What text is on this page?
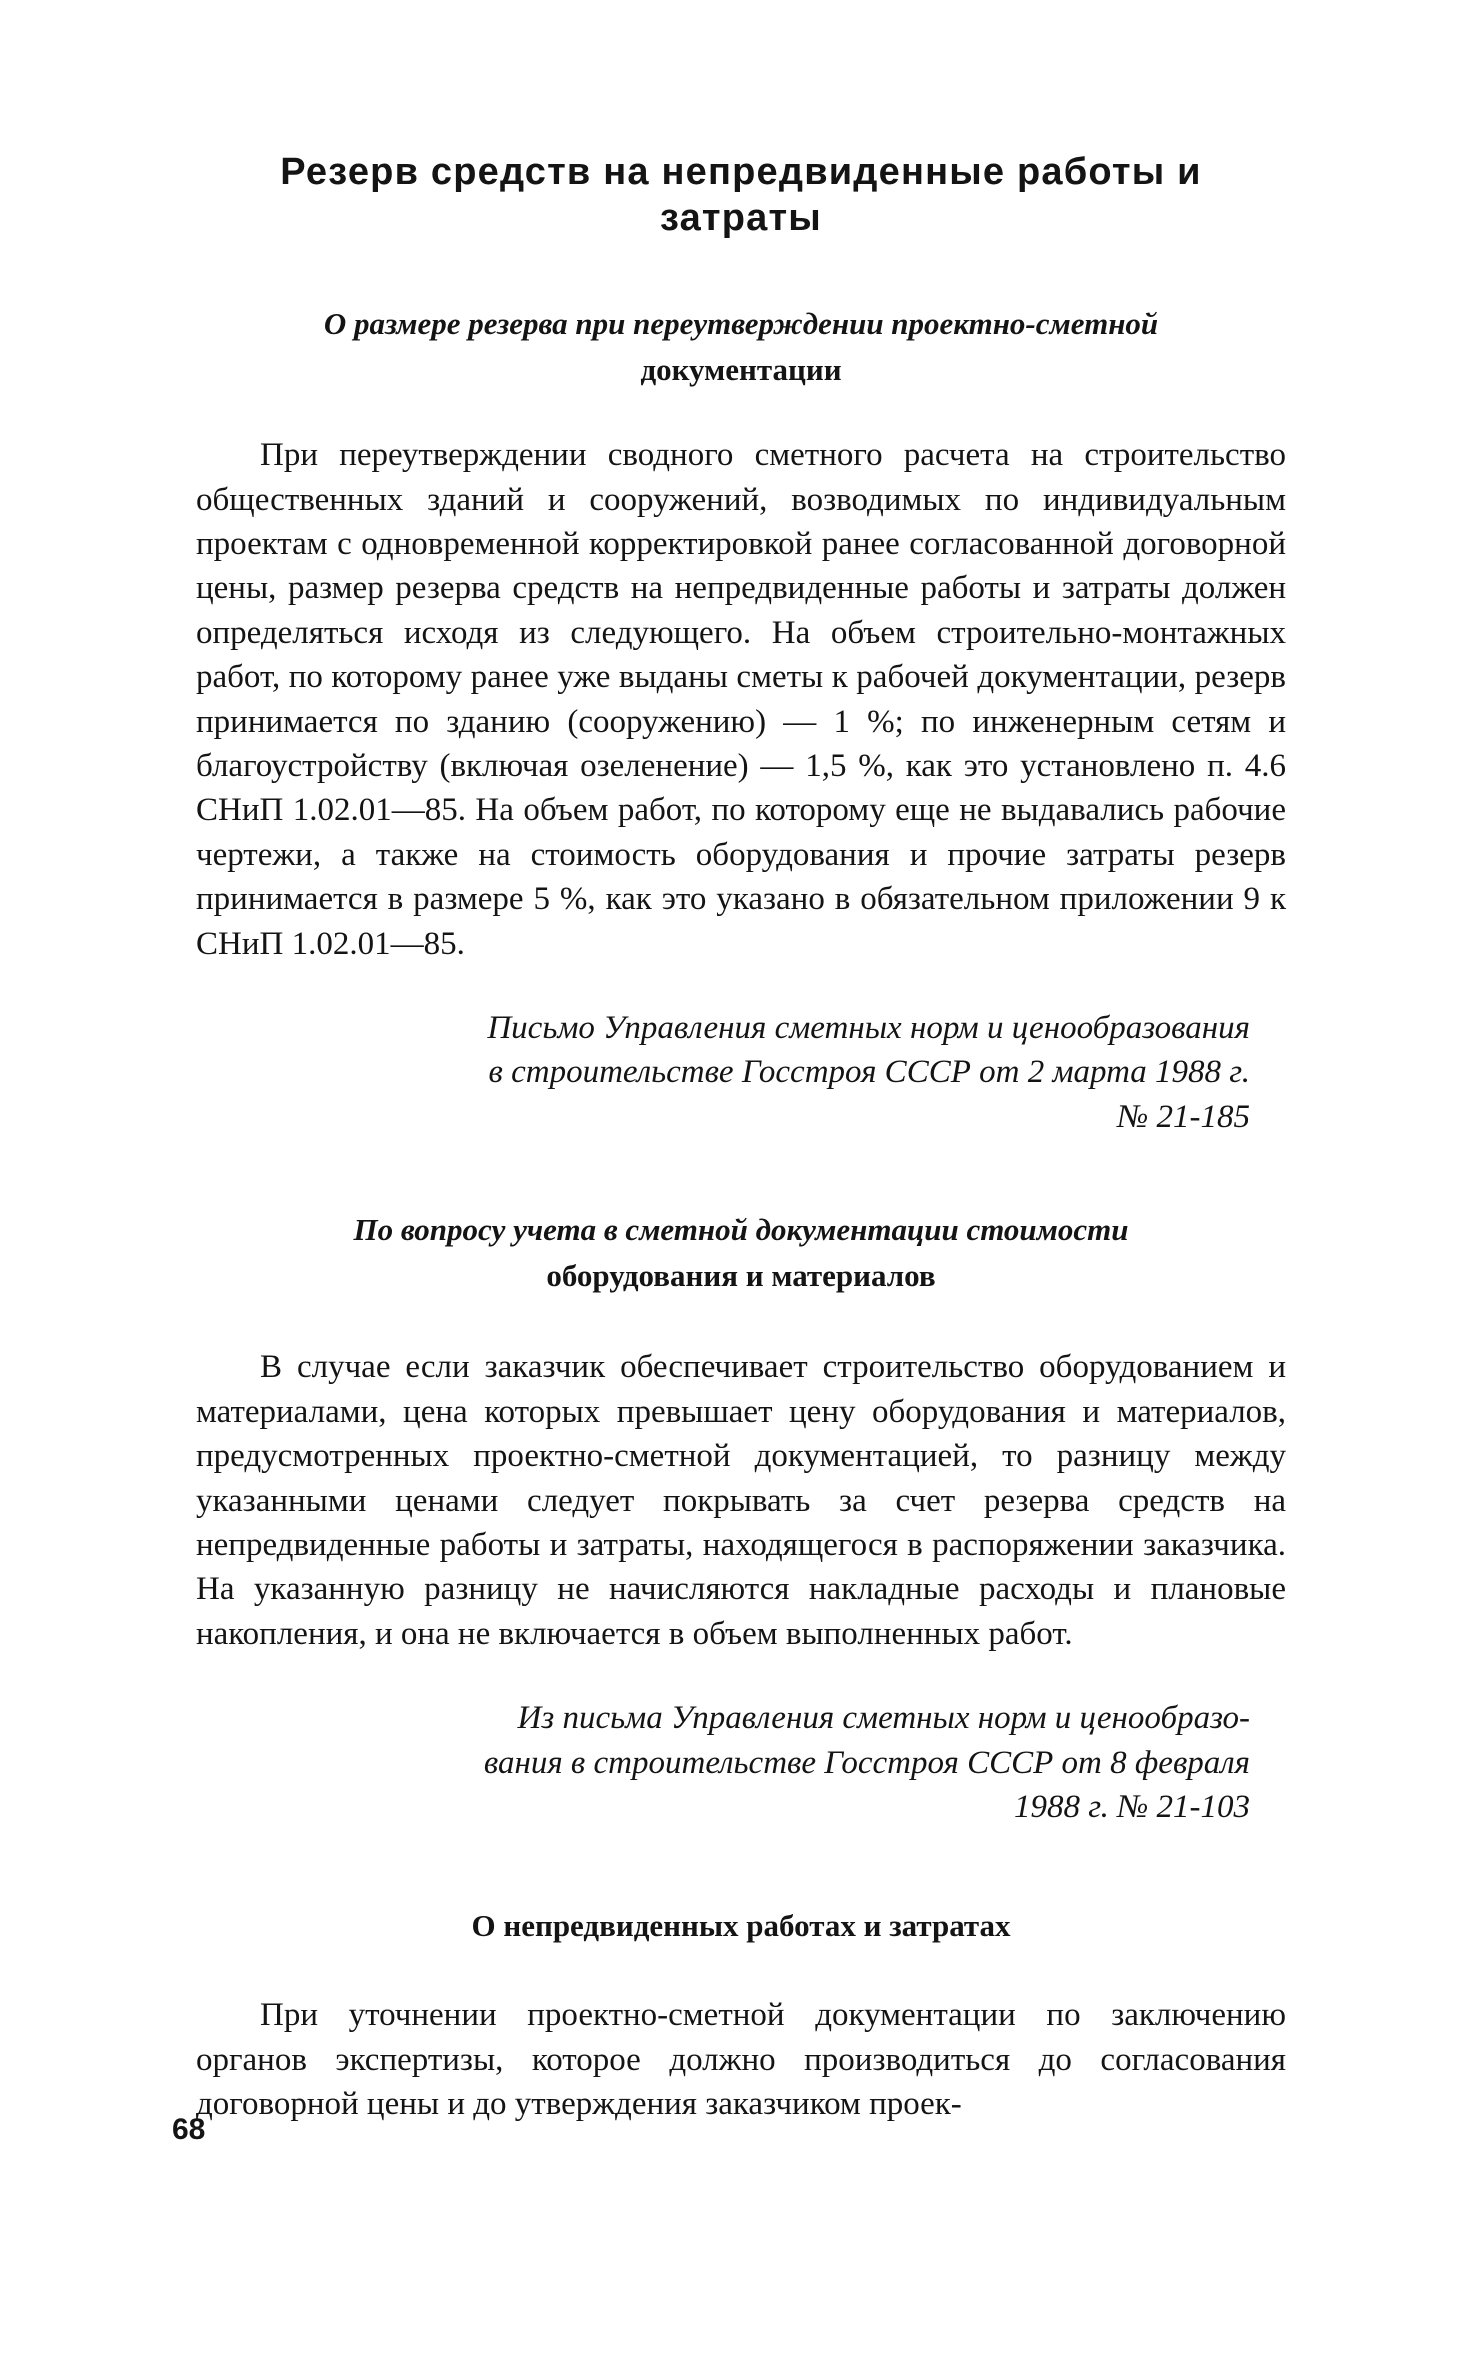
Резерв средств на непредвиденные работы и затраты
О размере резерва при переутверждении проектно-сметной
документации

При переутверждении сводного сметного расчета на строительство общественных зданий и сооружений, возводимых по индивидуальным проектам с одновременной корректировкой ранее согласованной договорной цены, размер резерва средств на непредвиденные работы и затраты должен определяться исходя из следующего. На объем строительно-монтажных работ, по которому ранее уже выданы сметы к рабочей документации, резерв принимается по зданию (сооружению) — 1 %; по инженерным сетям и благоустройству (включая озеленение) — 1,5 %, как это установлено п. 4.6 СНиП 1.02.01—85. На объем работ, по которому еще не выдавались рабочие чертежи, а также на стоимость оборудования и прочие затраты резерв принимается в размере 5 %, как это указано в обязательном приложении 9 к СНиП 1.02.01—85.

Письмо Управления сметных норм и ценообразования
в строительстве Госстроя СССР от 2 марта 1988 г.
№ 21-185
По вопросу учета в сметной документации стоимости
оборудования и материалов

В случае если заказчик обеспечивает строительство оборудованием и материалами, цена которых превышает цену оборудования и материалов, предусмотренных проектно-сметной документацией, то разницу между указанными ценами следует покрывать за счет резерва средств на непредвиденные работы и затраты, находящегося в распоряжении заказчика. На указанную разницу не начисляются накладные расходы и плановые накопления, и она не включается в объем выполненных работ.

Из письма Управления сметных норм и ценообразо-
вания в строительстве Госстроя СССР от 8 февраля
1988 г. № 21-103
О непредвиденных работах и затратах

При уточнении проектно-сметной документации по заключению органов экспертизы, которое должно производиться до согласования договорной цены и до утверждения заказчиком проек-

68
